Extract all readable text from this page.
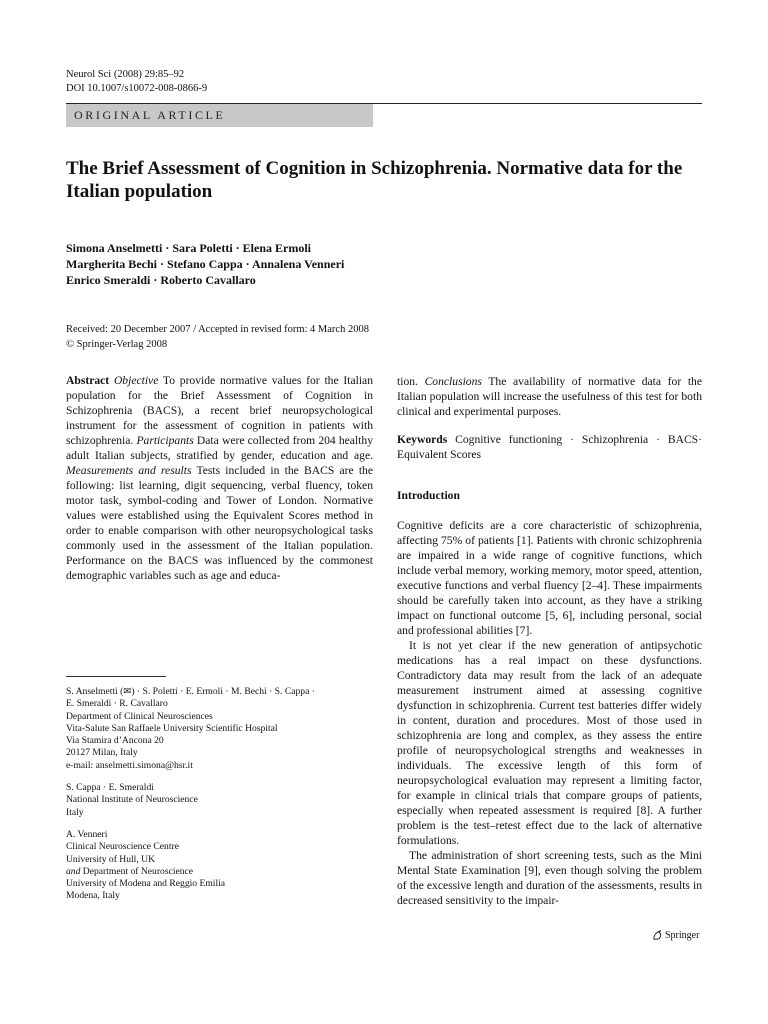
Neurol Sci (2008) 29:85–92
DOI 10.1007/s10072-008-0866-9
ORIGINAL ARTICLE
The Brief Assessment of Cognition in Schizophrenia. Normative data for the Italian population
Simona Anselmetti · Sara Poletti · Elena Ermoli
Margherita Bechi · Stefano Cappa · Annalena Venneri
Enrico Smeraldi · Roberto Cavallaro
Received: 20 December 2007 / Accepted in revised form: 4 March 2008
© Springer-Verlag 2008

Abstract Objective To provide normative values for the Italian population for the Brief Assessment of Cognition in Schizophrenia (BACS), a recent brief neuropsychological instrument for the assessment of cognition in patients with schizophrenia. Participants Data were collected from 204 healthy adult Italian subjects, stratified by gender, education and age. Measurements and results Tests included in the BACS are the following: list learning, digit sequencing, verbal fluency, token motor task, symbol-coding and Tower of London. Normative values were established using the Equivalent Scores method in order to enable comparison with other neuropsychological tasks commonly used in the assessment of the Italian population. Performance on the BACS was influenced by the commonest demographic variables such as age and educa-

tion. Conclusions The availability of normative data for the Italian population will increase the usefulness of this test for both clinical and experimental purposes.

Keywords Cognitive functioning · Schizophrenia · BACS· Equivalent Scores

Introduction

Cognitive deficits are a core characteristic of schizophrenia, affecting 75% of patients [1]. Patients with chronic schizophrenia are impaired in a wide range of cognitive functions, which include verbal memory, working memory, motor speed, attention, executive functions and verbal fluency [2–4]. These impairments should be carefully taken into account, as they have a striking impact on functional outcome [5, 6], including personal, social and professional abilities [7].

It is not yet clear if the new generation of antipsychotic medications has a real impact on these dysfunctions. Contradictory data may result from the lack of an adequate measurement instrument aimed at assessing cognitive dysfunction in schizophrenia. Current test batteries differ widely in content, duration and procedures. Most of those used in schizophrenia are long and complex, as they assess the entire profile of neuropsychological strengths and weaknesses in individuals. The excessive length of this form of neuropsychological evaluation may represent a limiting factor, for example in clinical trials that compare groups of patients, especially when repeated assessment is required [8]. A further problem is the test–retest effect due to the lack of alternative formulations.

The administration of short screening tests, such as the Mini Mental State Examination [9], even though solving the problem of the excessive length and duration of the assessments, results in decreased sensitivity to the impair-

S. Anselmetti (✉) · S. Poletti · E. Ermoli · M. Bechi · S. Cappa ·
E. Smeraldi · R. Cavallaro
Department of Clinical Neurosciences
Vita-Salute San Raffaele University Scientific Hospital
Via Stamira d’Ancona 20
20127 Milan, Italy
e-mail: anselmetti.simona@hsr.it
S. Cappa · E. Smeraldi
National Institute of Neuroscience
Italy
A. Venneri
Clinical Neuroscience Centre
University of Hull, UK
and Department of Neuroscience
University of Modena and Reggio Emilia
Modena, Italy
Springer
